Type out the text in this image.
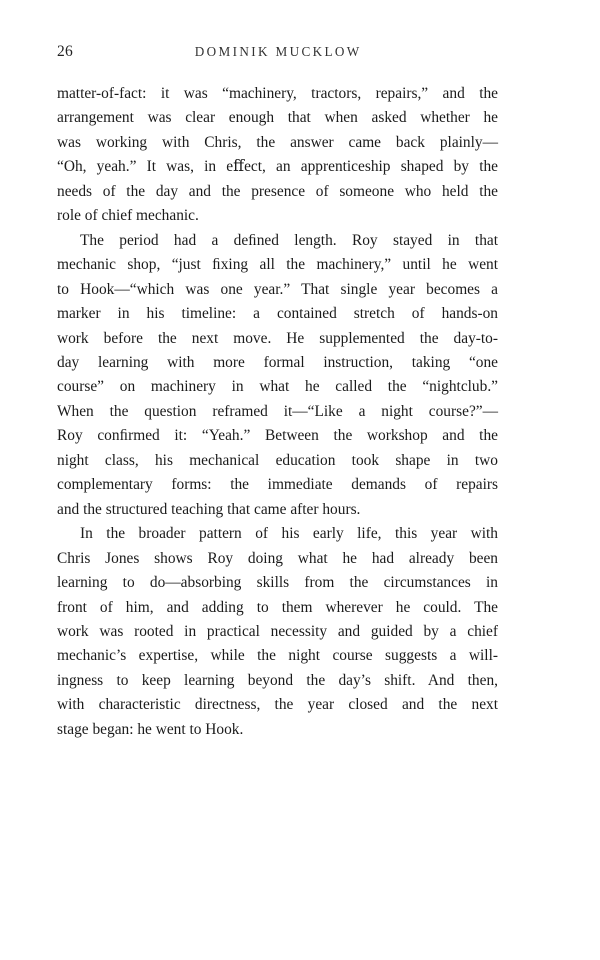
26	DOMINIK MUCKLOW

matter-of-fact: it was “machinery, tractors, repairs,” and the
arrangement was clear enough that when asked whether he
was working with Chris, the answer came back plainly—
“Oh, yeah.” It was, in eﬀect, an apprenticeship shaped by the
needs of the day and the presence of someone who held the
role of chief mechanic.

The period had a deﬁned length. Roy stayed in that
mechanic shop, “just ﬁxing all the machinery,” until he went
to Hook—“which was one year.” That single year becomes a
marker in his timeline: a contained stretch of hands-on
work before the next move. He supplemented the day-to-
day learning with more formal instruction, taking “one
course” on machinery in what he called the “nightclub.”
When the question reframed it—“Like a night course?”—
Roy conﬁrmed it: “Yeah.” Between the workshop and the
night class, his mechanical education took shape in two
complementary forms: the immediate demands of repairs
and the structured teaching that came after hours.

In the broader pattern of his early life, this year with
Chris Jones shows Roy doing what he had already been
learning to do—absorbing skills from the circumstances in
front of him, and adding to them wherever he could. The
work was rooted in practical necessity and guided by a chief
mechanic’s expertise, while the night course suggests a will-
ingness to keep learning beyond the day’s shift. And then,
with characteristic directness, the year closed and the next
stage began: he went to Hook.
